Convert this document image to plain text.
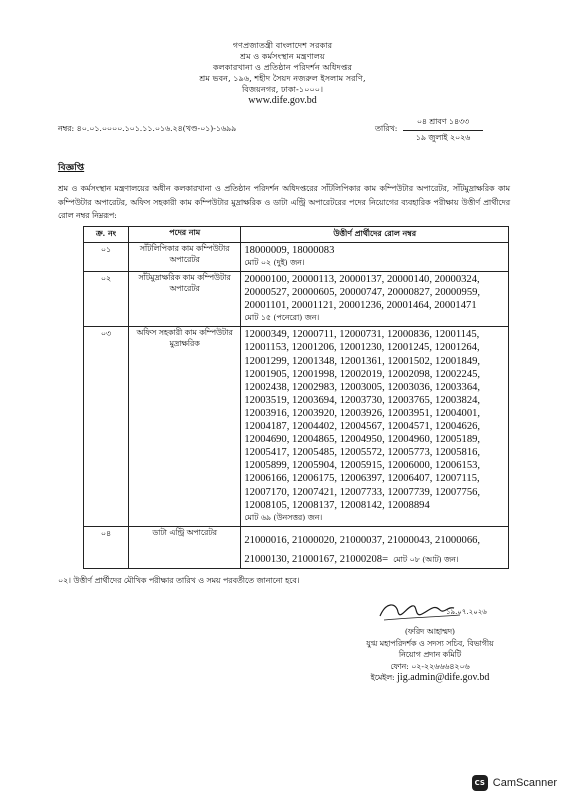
গণপ্রজাতন্ত্রী বাংলাদেশ সরকার
শ্রম ও কর্মসংস্থান মন্ত্রণালয়
কলকারখানা ও প্রতিষ্ঠান পরিদর্শন অধিদপ্তর
শ্রম ভবন, ১৯৬, শহীদ সৈয়দ নজরুল ইসলাম সরণি,
বিজয়নগর, ঢাকা-১০০০।
www.dife.gov.bd
নম্বর: ৪০.০১.০০০০.১০১.১১.০১৬.২৪(খণ্ড-০১)-১৬৯৯	তারিখ:
০৪ শ্রাবণ ১৪৩৩
১৯ জুলাই ২০২৬
বিজ্ঞপ্তি
শ্রম ও কর্মসংস্থান মন্ত্রণালয়ের অধীন কলকারখানা ও প্রতিষ্ঠান পরিদর্শন অধিদপ্তরের সাঁটলিপিকার কাম কম্পিউটার অপারেটর, সাঁটমুদ্রাক্ষরিক কাম কম্পিউটার অপারেটর, অফিস সহকারী কাম কম্পিউটার মুদ্রাক্ষরিক ও ডাটা এন্ট্রি অপারেটরের পদের নিয়োগের ব্যবহারিক পরীক্ষায় উত্তীর্ণ প্রার্থীদের রোল নম্বর নিম্নরূপ:
ক্র. নং	পদের নাম	উত্তীর্ণ প্রার্থীদের রোল নম্বর
০১	সাঁটলিপিকার কাম কম্পিউটার অপারেটর	18000009, 18000083
মোট ০২ (দুই) জন।

০২	সাঁটমুদ্রাক্ষরিক কাম কম্পিউটার অপারেটর	20000100, 20000113, 20000137, 20000140, 20000324, 20000527, 20000605, 20000747, 20000827, 20000959, 20001101, 20001121, 20001236, 20001464, 20001471
মোট ১৫ (পনেরো) জন।

০৩	অফিস সহকারী কাম কম্পিউটার মুদ্রাক্ষরিক	12000349, 12000711, 12000731, 12000836, 12001145, 12001153, 12001206, 12001230, 12001245, 12001264, 12001299, 12001348, 12001361, 12001502, 12001849, 12001905, 12001998, 12002019, 12002098, 12002245, 12002438, 12002983, 12003005, 12003036, 12003364, 12003519, 12003694, 12003730, 12003765, 12003824, 12003916, 12003920, 12003926, 12003951, 12004001, 12004187, 12004402, 12004567, 12004571, 12004626, 12004690, 12004865, 12004950, 12004960, 12005189, 12005417, 12005485, 12005572, 12005773, 12005816, 12005899, 12005904, 12005915, 12006000, 12006153, 12006166, 12006175, 12006397, 12006407, 12007115, 12007170, 12007421, 12007733, 12007739, 12007756, 12008105, 12008137, 12008142, 12008894
মোট ৬৯ (উনসত্তর) জন।

০৪	ডাটা এন্ট্রি অপারেটর	21000016, 21000020, 21000037, 21000043, 21000066, 21000130, 21000167, 21000208= মোট ০৮ (আট) জন।
০২। উত্তীর্ণ প্রার্থীদের মৌখিক পরীক্ষার তারিখ ও সময় পরবর্তীতে জানানো হবে।
১৯.০৭.২০২৬
(ফরিদ আহাম্মদ)
যুগ্ম মহাপরিদর্শক ও সদস্য সচিব, বিভাগীয়
নিয়োগ প্রদান কমিটি
ফোন: ০২-২২৬৬৬৪২০৬
ইমেইল: jig.admin@dife.gov.bd
CS CamScanner
